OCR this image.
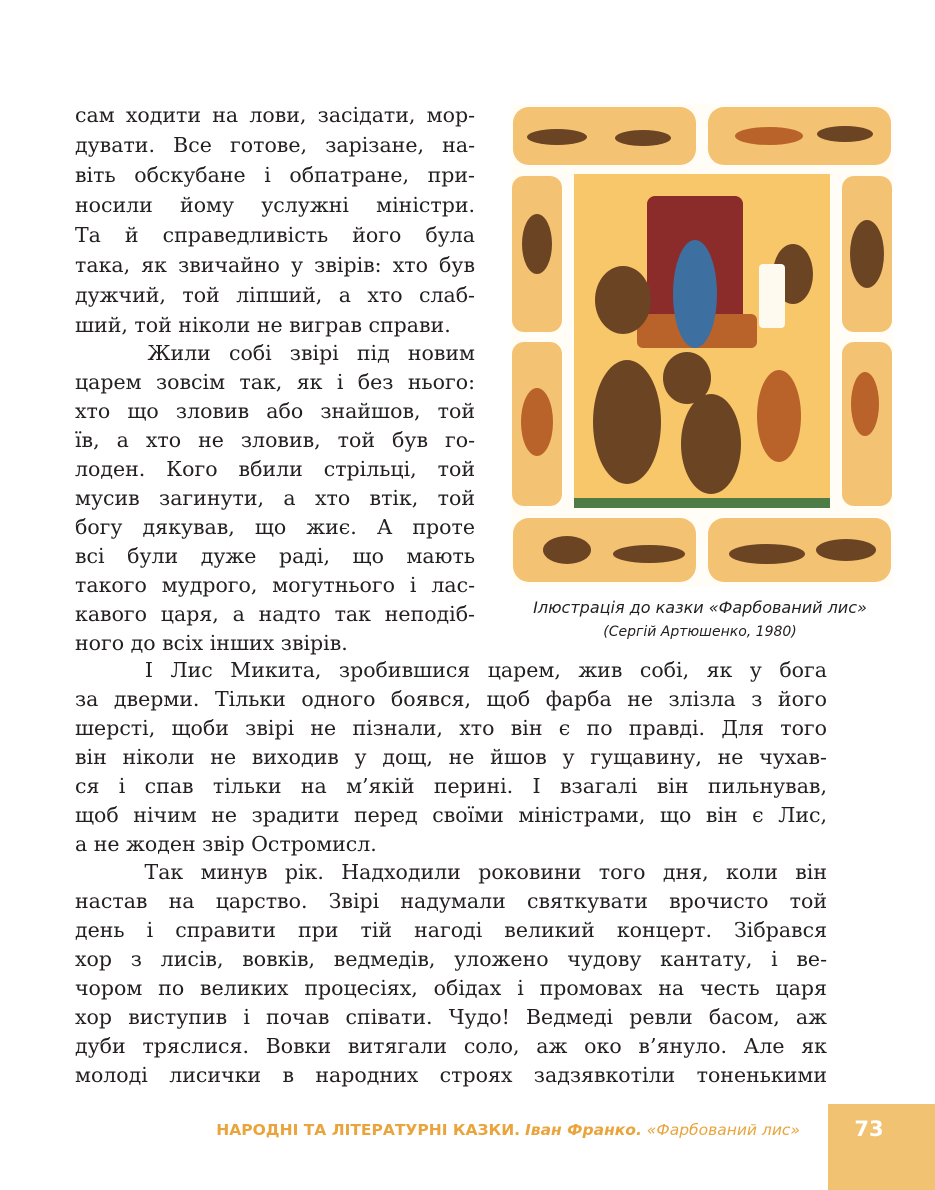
сам ходити на лови, засідати, мор-
дувати. Все готове, зарізане, на-
віть обскубане і обпатране, при-
носили йому услужні міністри.
Та й справедливість його була
така, як звичайно у звірів: хто був
дужчий, той ліпший, а хто слаб-
ший, той ніколи не виграв справи.
Жили собі звірі під новим
царем зовсім так, як і без нього:
хто що зловив або знайшов, той
їв, а хто не зловив, той був го-
лоден. Кого вбили стрільці, той
мусив загинути, а хто втік, той
богу дякував, що жиє. А проте
всі були дуже раді, що мають
такого мудрого, могутнього і лас-
кавого царя, а надто так неподіб-
ного до всіх інших звірів.
І Лис Микита, зробившися царем, жив собі, як у бога
за дверми. Тільки одного боявся, щоб фарба не злізла з його
шерсті, щоби звірі не пізнали, хто він є по правді. Для того
він ніколи не виходив у дощ, не йшов у гущавину, не чухав-
ся і спав тільки на м’якій перині. І взагалі він пильнував,
щоб нічим не зрадити перед своїми міністрами, що він є Лис,
а не жоден звір Остромисл.
Так минув рік. Надходили роковини того дня, коли він
настав на царство. Звірі надумали святкувати врочисто той
день і справити при тій нагоді великий концерт. Зібрався
хор з лисів, вовків, ведмедів, уложено чудову кантату, і ве-
чором по великих процесіях, обідах і промовах на честь царя
хор виступив і почав співати. Чудо! Ведмеді ревли басом, аж
дуби тряслися. Вовки витягали соло, аж око в’януло. Але як
молоді лисички в народних строях задзявкотіли тоненькими
Ілюстрація до казки «Фарбований лис»
(Сергій Артюшенко, 1980)
НАРОДНІ ТА ЛІТЕРАТУРНІ КАЗКИ. Іван Франко. «Фарбований лис»	73
